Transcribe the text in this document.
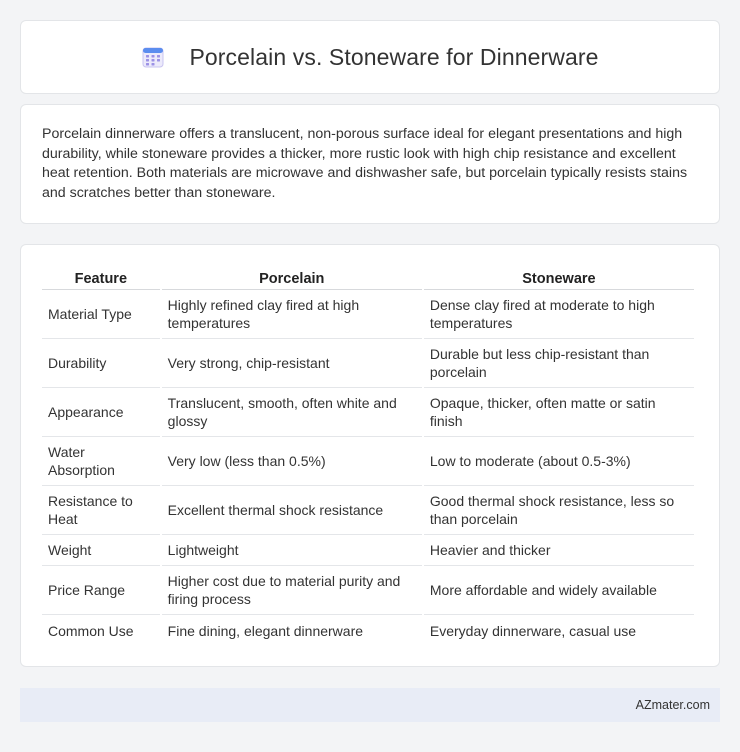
Porcelain vs. Stoneware for Dinnerware

Porcelain dinnerware offers a translucent, non-porous surface ideal for elegant presentations and high durability, while stoneware provides a thicker, more rustic look with high chip resistance and excellent heat retention. Both materials are microwave and dishwasher safe, but porcelain typically resists stains and scratches better than stoneware.

Feature	Porcelain	Stoneware
Material Type	Highly refined clay fired at high temperatures	Dense clay fired at moderate to high temperatures
Durability	Very strong, chip-resistant	Durable but less chip-resistant than porcelain
Appearance	Translucent, smooth, often white and glossy	Opaque, thicker, often matte or satin finish
Water Absorption	Very low (less than 0.5%)	Low to moderate (about 0.5-3%)
Resistance to Heat	Excellent thermal shock resistance	Good thermal shock resistance, less so than porcelain
Weight	Lightweight	Heavier and thicker
Price Range	Higher cost due to material purity and firing process	More affordable and widely available
Common Use	Fine dining, elegant dinnerware	Everyday dinnerware, casual use
AZmater.com
